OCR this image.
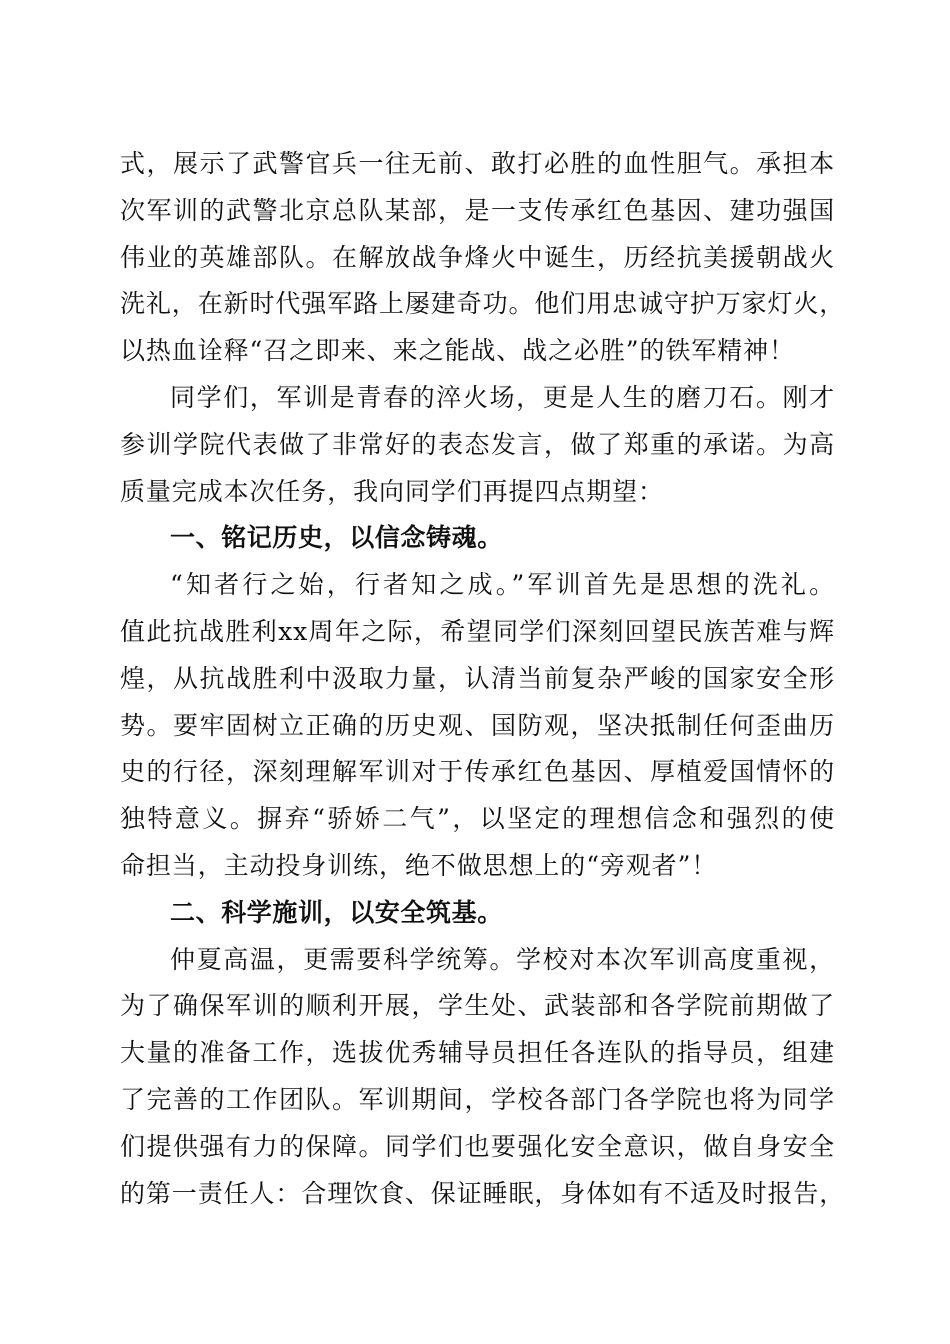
式，展示了武警官兵一往无前、敢打必胜的血性胆气。承担本
次军训的武警北京总队某部，是一支传承红色基因、建功强国
伟业的英雄部队。在解放战争烽火中诞生，历经抗美援朝战火
洗礼，在新时代强军路上屡建奇功。他们用忠诚守护万家灯火，
以热血诠释“召之即来、来之能战、战之必胜”的铁军精神！
同学们，军训是青春的淬火场，更是人生的磨刀石。刚才
参训学院代表做了非常好的表态发言，做了郑重的承诺。为高
质量完成本次任务，我向同学们再提四点期望：
一、铭记历史，以信念铸魂。
“知者行之始，行者知之成。”军训首先是思想的洗礼。
值此抗战胜利xx周年之际，希望同学们深刻回望民族苦难与辉
煌，从抗战胜利中汲取力量，认清当前复杂严峻的国家安全形
势。要牢固树立正确的历史观、国防观，坚决抵制任何歪曲历
史的行径，深刻理解军训对于传承红色基因、厚植爱国情怀的
独特意义。摒弃“骄娇二气”，以坚定的理想信念和强烈的使
命担当，主动投身训练，绝不做思想上的“旁观者”！
二、科学施训，以安全筑基。
仲夏高温，更需要科学统筹。学校对本次军训高度重视，
为了确保军训的顺利开展，学生处、武装部和各学院前期做了
大量的准备工作，选拔优秀辅导员担任各连队的指导员，组建
了完善的工作团队。军训期间，学校各部门各学院也将为同学
们提供强有力的保障。同学们也要强化安全意识，做自身安全
的第一责任人：合理饮食、保证睡眠，身体如有不适及时报告，
